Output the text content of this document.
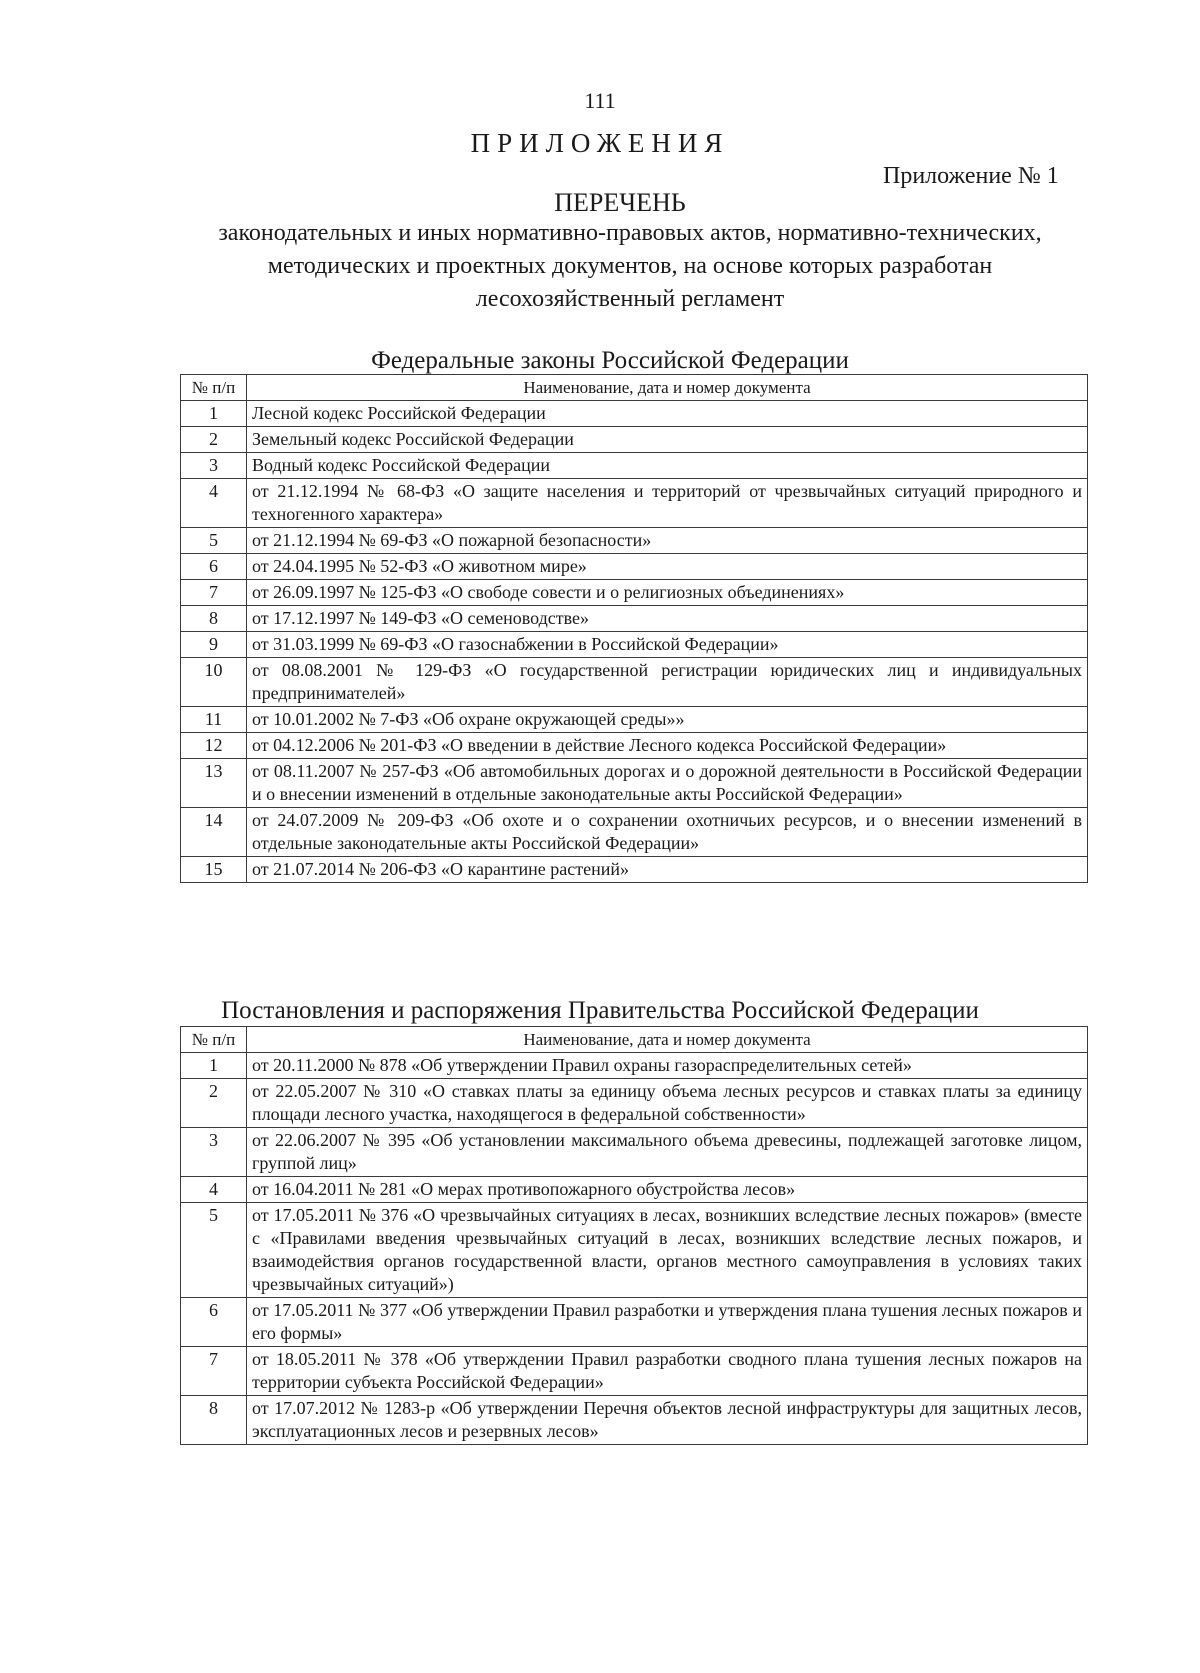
111
ПРИЛОЖЕНИЯ
Приложение № 1
ПЕРЕЧЕНЬ
законодательных и иных нормативно-правовых актов, нормативно-технических, методических и проектных документов, на основе которых разработан лесохозяйственный регламент
Федеральные законы Российской Федерации
№ п/п	Наименование, дата и номер документа
1	Лесной кодекс Российской Федерации
2	Земельный кодекс Российской Федерации
3	Водный кодекс Российской Федерации
4	от 21.12.1994 № 68-ФЗ «О защите населения и территорий от чрезвычайных ситуаций природного и техногенного характера»
5	от 21.12.1994 № 69-ФЗ «О пожарной безопасности»
6	от 24.04.1995 № 52-ФЗ «О животном мире»
7	от 26.09.1997 № 125-ФЗ «О свободе совести и о религиозных объединениях»
8	от 17.12.1997 № 149-ФЗ «О семеноводстве»
9	от 31.03.1999 № 69-ФЗ «О газоснабжении в Российской Федерации»
10	от 08.08.2001 № 129-ФЗ «О государственной регистрации юридических лиц и индивидуальных предпринимателей»
11	от 10.01.2002 № 7-ФЗ «Об охране окружающей среды»»
12	от 04.12.2006 № 201-ФЗ «О введении в действие Лесного кодекса Российской Федерации»
13	от 08.11.2007 № 257-ФЗ «Об автомобильных дорогах и о дорожной деятельности в Российской Федерации и о внесении изменений в отдельные законодательные акты Российской Федерации»
14	от 24.07.2009 № 209-ФЗ «Об охоте и о сохранении охотничьих ресурсов, и о внесении изменений в отдельные законодательные акты Российской Федерации»
15	от 21.07.2014 № 206-ФЗ «О карантине растений»
Постановления и распоряжения Правительства Российской Федерации
№ п/п	Наименование, дата и номер документа
1	от 20.11.2000 № 878 «Об утверждении Правил охраны газораспределительных сетей»
2	от 22.05.2007 № 310 «О ставках платы за единицу объема лесных ресурсов и ставках платы за единицу площади лесного участка, находящегося в федеральной собственности»
3	от 22.06.2007 № 395 «Об установлении максимального объема древесины, подлежащей заготовке лицом, группой лиц»
4	от 16.04.2011 № 281 «О мерах противопожарного обустройства лесов»
5	от 17.05.2011 № 376 «О чрезвычайных ситуациях в лесах, возникших вследствие лесных пожаров» (вместе с «Правилами введения чрезвычайных ситуаций в лесах, возникших вследствие лесных пожаров, и взаимодействия органов государственной власти, органов местного самоуправления в условиях таких чрезвычайных ситуаций»)
6	от 17.05.2011 № 377 «Об утверждении Правил разработки и утверждения плана тушения лесных пожаров и его формы»
7	от 18.05.2011 № 378 «Об утверждении Правил разработки сводного плана тушения лесных пожаров на территории субъекта Российской Федерации»
8	от 17.07.2012 № 1283-р «Об утверждении Перечня объектов лесной инфраструктуры для защитных лесов, эксплуатационных лесов и резервных лесов»
